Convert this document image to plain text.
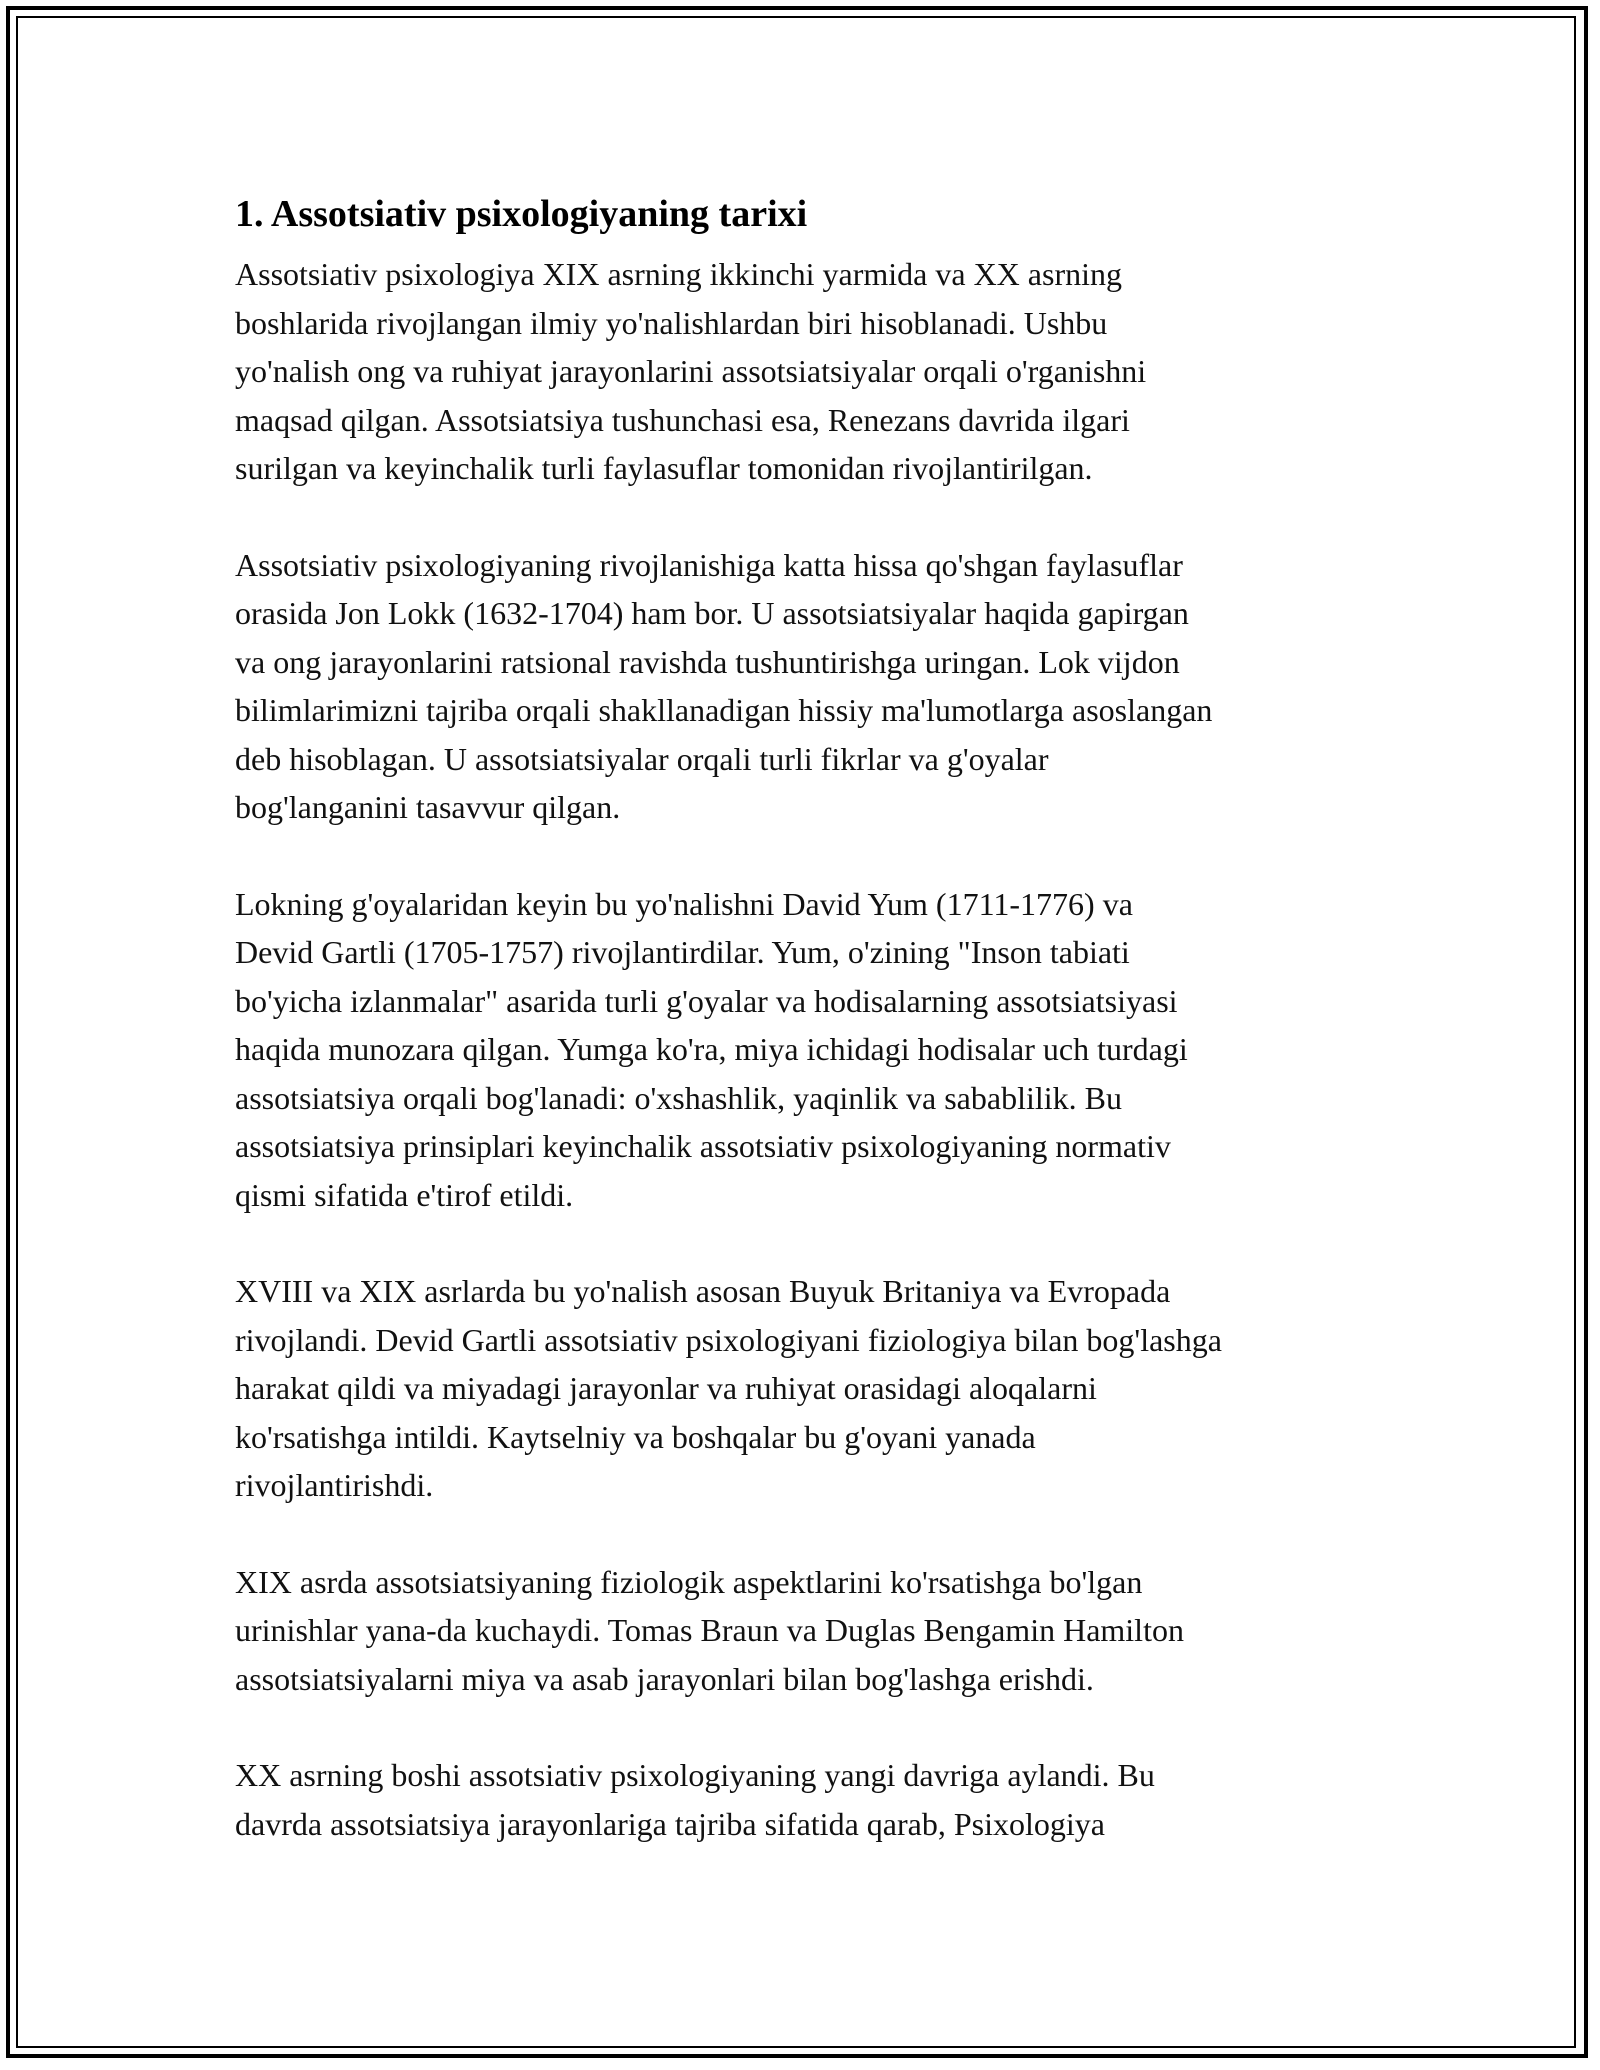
1. Assotsiativ psixologiyaning tarixi

Assotsiativ psixologiya XIX asrning ikkinchi yarmida va XX asrning
boshlarida rivojlangan ilmiy yo'nalishlardan biri hisoblanadi. Ushbu
yo'nalish ong va ruhiyat jarayonlarini assotsiatsiyalar orqali o'rganishni
maqsad qilgan. Assotsiatsiya tushunchasi esa, Renezans davrida ilgari
surilgan va keyinchalik turli faylasuflar tomonidan rivojlantirilgan.

Assotsiativ psixologiyaning rivojlanishiga katta hissa qo'shgan faylasuflar
orasida Jon Lokk (1632-1704) ham bor. U assotsiatsiyalar haqida gapirgan
va ong jarayonlarini ratsional ravishda tushuntirishga uringan. Lok vijdon
bilimlarimizni tajriba orqali shakllanadigan hissiy ma'lumotlarga asoslangan
deb hisoblagan. U assotsiatsiyalar orqali turli fikrlar va g'oyalar
bog'langanini tasavvur qilgan.

Lokning g'oyalaridan keyin bu yo'nalishni David Yum (1711-1776) va
Devid Gartli (1705-1757) rivojlantirdilar. Yum, o'zining "Inson tabiati
bo'yicha izlanmalar" asarida turli g'oyalar va hodisalarning assotsiatsiyasi
haqida munozara qilgan. Yumga ko'ra, miya ichidagi hodisalar uch turdagi
assotsiatsiya orqali bog'lanadi: o'xshashlik, yaqinlik va sabablilik. Bu
assotsiatsiya prinsiplari keyinchalik assotsiativ psixologiyaning normativ
qismi sifatida e'tirof etildi.

XVIII va XIX asrlarda bu yo'nalish asosan Buyuk Britaniya va Evropada
rivojlandi. Devid Gartli assotsiativ psixologiyani fiziologiya bilan bog'lashga
harakat qildi va miyadagi jarayonlar va ruhiyat orasidagi aloqalarni
ko'rsatishga intildi. Kaytselniy va boshqalar bu g'oyani yanada
rivojlantirishdi.

XIX asrda assotsiatsiyaning fiziologik aspektlarini ko'rsatishga bo'lgan
urinishlar yana-da kuchaydi. Tomas Braun va Duglas Bengamin Hamilton
assotsiatsiyalarni miya va asab jarayonlari bilan bog'lashga erishdi.

XX asrning boshi assotsiativ psixologiyaning yangi davriga aylandi. Bu
davrda assotsiatsiya jarayonlariga tajriba sifatida qarab, Psixologiya
